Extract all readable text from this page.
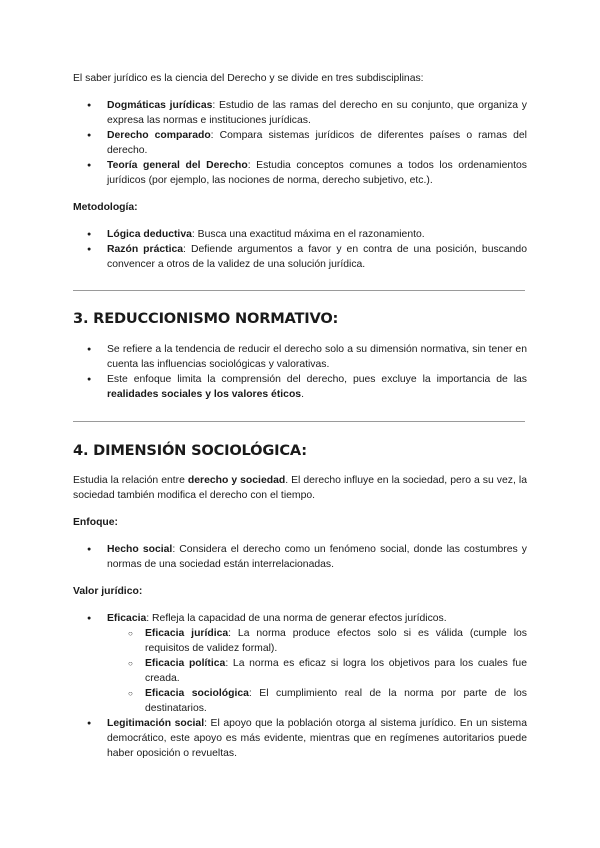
El saber jurídico es la ciencia del Derecho y se divide en tres subdisciplinas:

● Dogmáticas jurídicas: Estudio de las ramas del derecho en su conjunto, que organiza y expresa las normas e instituciones jurídicas.
● Derecho comparado: Compara sistemas jurídicos de diferentes países o ramas del derecho.
● Teoría general del Derecho: Estudia conceptos comunes a todos los ordenamientos jurídicos (por ejemplo, las nociones de norma, derecho subjetivo, etc.).

Metodología:

● Lógica deductiva: Busca una exactitud máxima en el razonamiento.
● Razón práctica: Defiende argumentos a favor y en contra de una posición, buscando convencer a otros de la validez de una solución jurídica.
3. REDUCCIONISMO NORMATIVO:
● Se refiere a la tendencia de reducir el derecho solo a su dimensión normativa, sin tener en cuenta las influencias sociológicas y valorativas.
● Este enfoque limita la comprensión del derecho, pues excluye la importancia de las realidades sociales y los valores éticos.
4. DIMENSIÓN SOCIOLÓGICA:

Estudia la relación entre derecho y sociedad. El derecho influye en la sociedad, pero a su vez, la sociedad también modifica el derecho con el tiempo.

Enfoque:

● Hecho social: Considera el derecho como un fenómeno social, donde las costumbres y normas de una sociedad están interrelacionadas.

Valor jurídico:

● Eficacia: Refleja la capacidad de una norma de generar efectos jurídicos.
○ Eficacia jurídica: La norma produce efectos solo si es válida (cumple los requisitos de validez formal).
○ Eficacia política: La norma es eficaz si logra los objetivos para los cuales fue creada.
○ Eficacia sociológica: El cumplimiento real de la norma por parte de los destinatarios.
● Legitimación social: El apoyo que la población otorga al sistema jurídico. En un sistema democrático, este apoyo es más evidente, mientras que en regímenes autoritarios puede haber oposición o revueltas.
